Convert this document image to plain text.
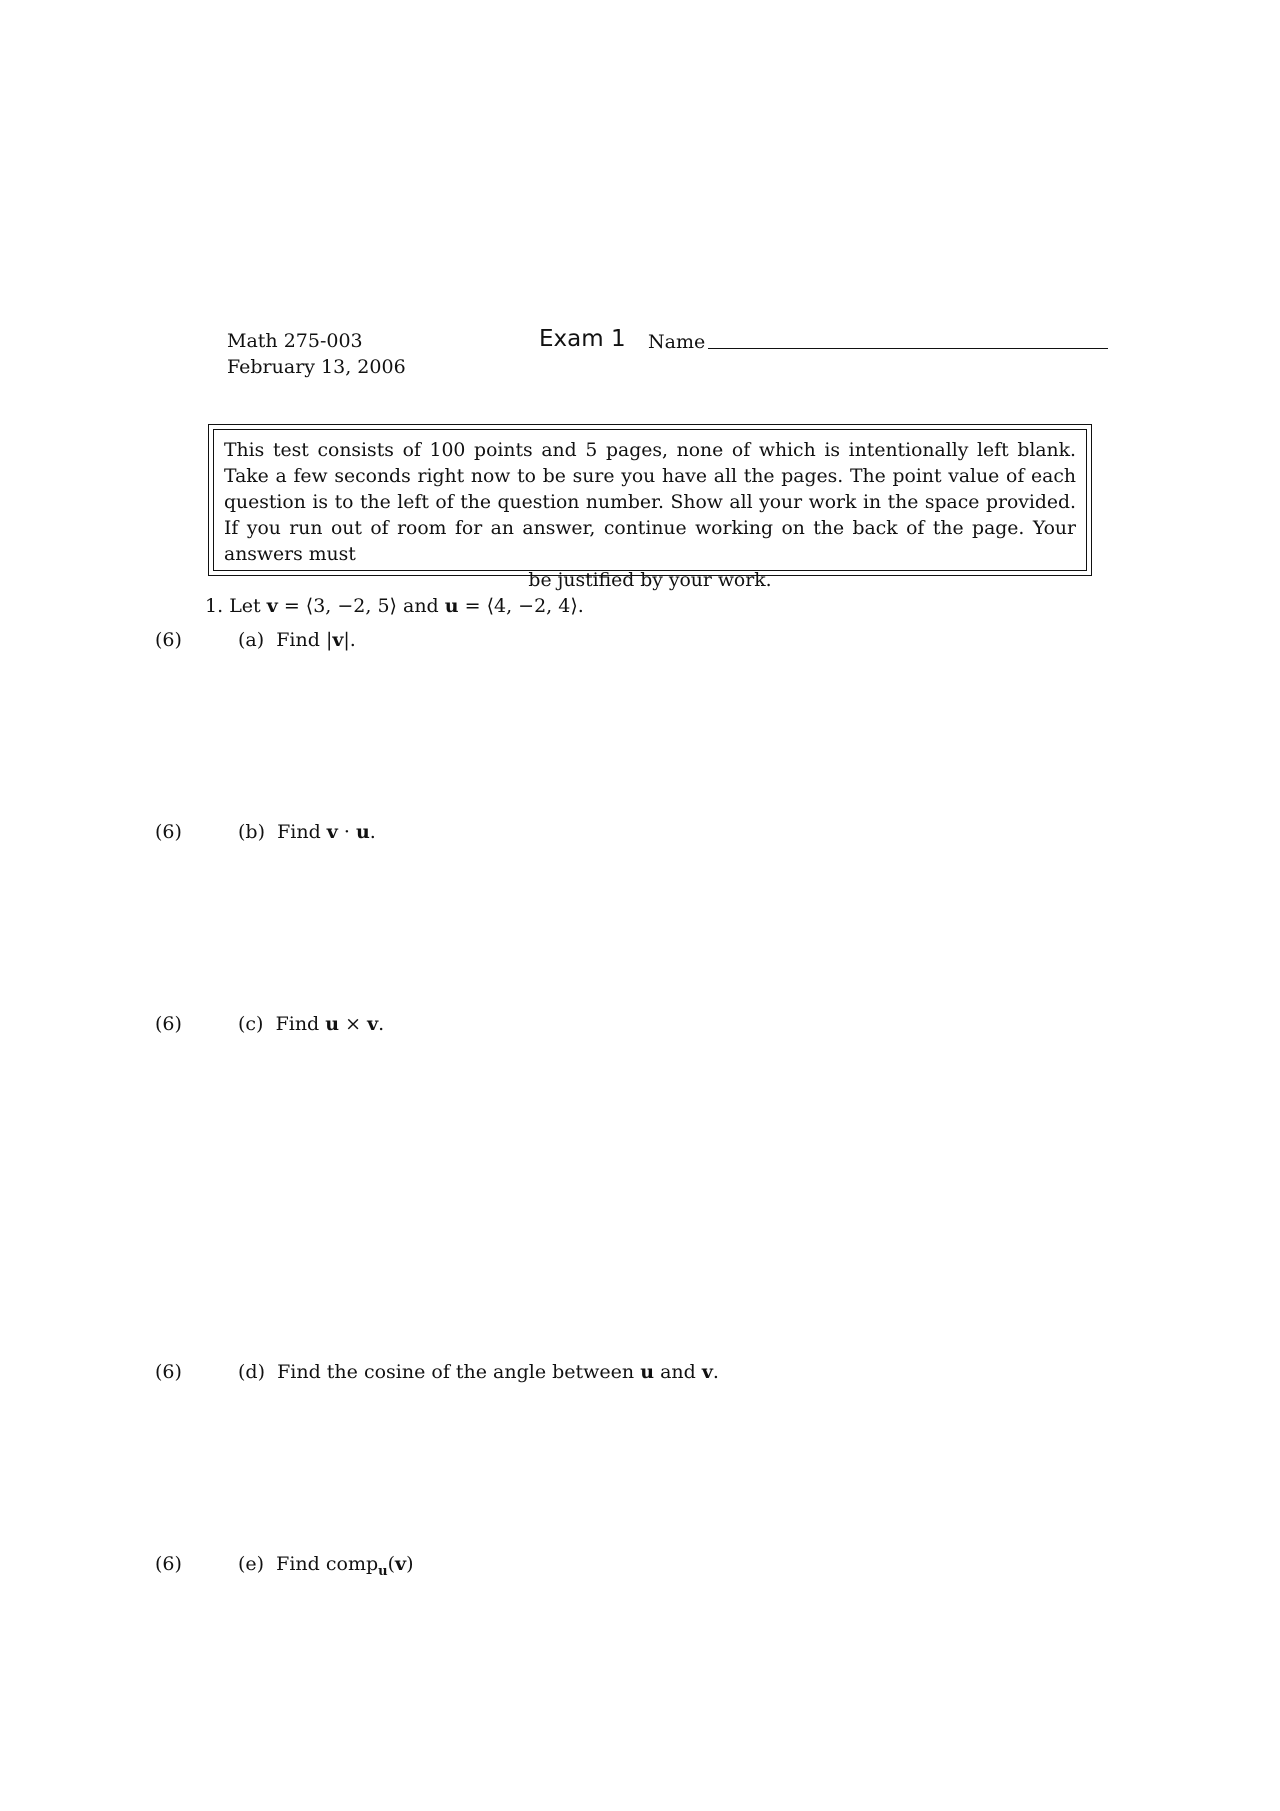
Math 275-003
February 13, 2006
Exam 1 Name
This test consists of 100 points and 5 pages, none of which is intentionally left blank. Take a few seconds right now to be sure you have all the pages. The point value of each question is to the left of the question number. Show all your work in the space provided. If you run out of room for an answer, continue working on the back of the page. Your answers must
be justified by your work.
1. Let v = ⟨3, −2, 5⟩ and u = ⟨4, −2, 4⟩.
(6)	(a) Find |v|.
(6)	(b) Find v · u.
(6)	(c) Find u × v.
(6)	(d) Find the cosine of the angle between u and v.
(6)	(e) Find comp$_u$(v)
